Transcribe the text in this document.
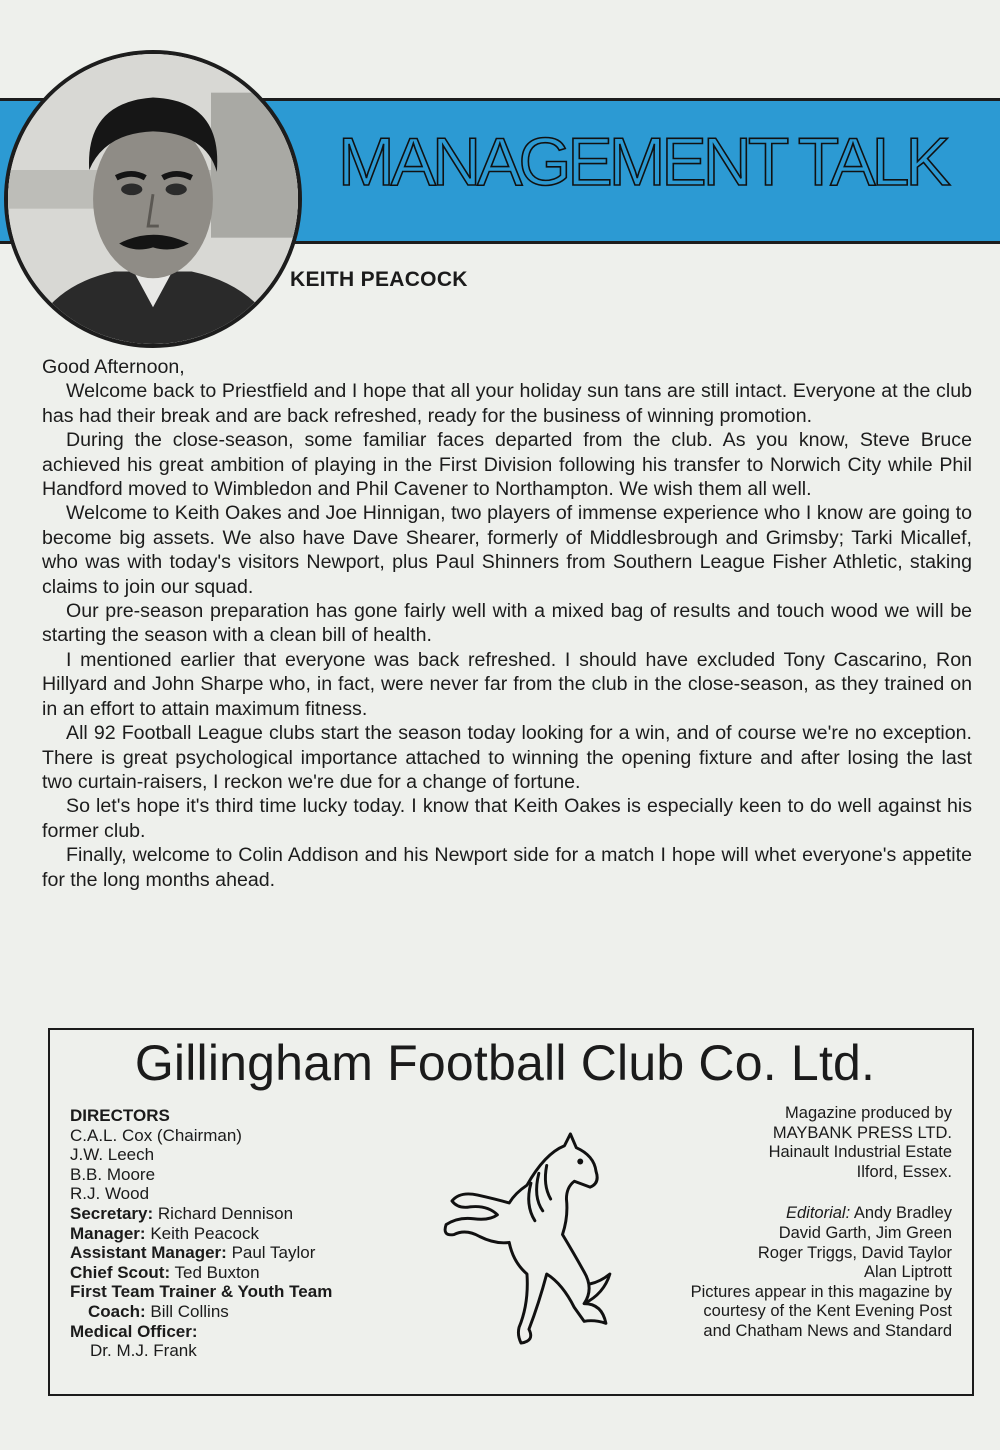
MANAGEMENT TALK
KEITH PEACOCK

Good Afternoon,

Welcome back to Priestfield and I hope that all your holiday sun tans are still intact. Everyone at the club has had their break and are back refreshed, ready for the business of winning promotion.

During the close-season, some familiar faces departed from the club. As you know, Steve Bruce achieved his great ambition of playing in the First Division following his transfer to Norwich City while Phil Handford moved to Wimbledon and Phil Cavener to Northampton. We wish them all well.

Welcome to Keith Oakes and Joe Hinnigan, two players of immense experience who I know are going to become big assets. We also have Dave Shearer, formerly of Middlesbrough and Grimsby; Tarki Micallef, who was with today's visitors Newport, plus Paul Shinners from Southern League Fisher Athletic, staking claims to join our squad.

Our pre-season preparation has gone fairly well with a mixed bag of results and touch wood we will be starting the season with a clean bill of health.

I mentioned earlier that everyone was back refreshed. I should have excluded Tony Cascarino, Ron Hillyard and John Sharpe who, in fact, were never far from the club in the close-season, as they trained on in an effort to attain maximum fitness.

All 92 Football League clubs start the season today looking for a win, and of course we're no exception. There is great psychological importance attached to winning the opening fixture and after losing the last two curtain-raisers, I reckon we're due for a change of fortune.

So let's hope it's third time lucky today. I know that Keith Oakes is especially keen to do well against his former club.

Finally, welcome to Colin Addison and his Newport side for a match I hope will whet everyone's appetite for the long months ahead.

Gillingham Football Club Co. Ltd.
DIRECTORS
C.A.L. Cox (Chairman)
J.W. Leech
B.B. Moore
R.J. Wood
Secretary: Richard Dennison
Manager: Keith Peacock
Assistant Manager: Paul Taylor
Chief Scout: Ted Buxton
First Team Trainer & Youth Team
Coach: Bill Collins
Medical Officer:
Dr. M.J. Frank
Magazine produced by
MAYBANK PRESS LTD.
Hainault Industrial Estate
Ilford, Essex.
Editorial: Andy Bradley
David Garth, Jim Green
Roger Triggs, David Taylor
Alan Liptrott
Pictures appear in this magazine by
courtesy of the Kent Evening Post
and Chatham News and Standard
